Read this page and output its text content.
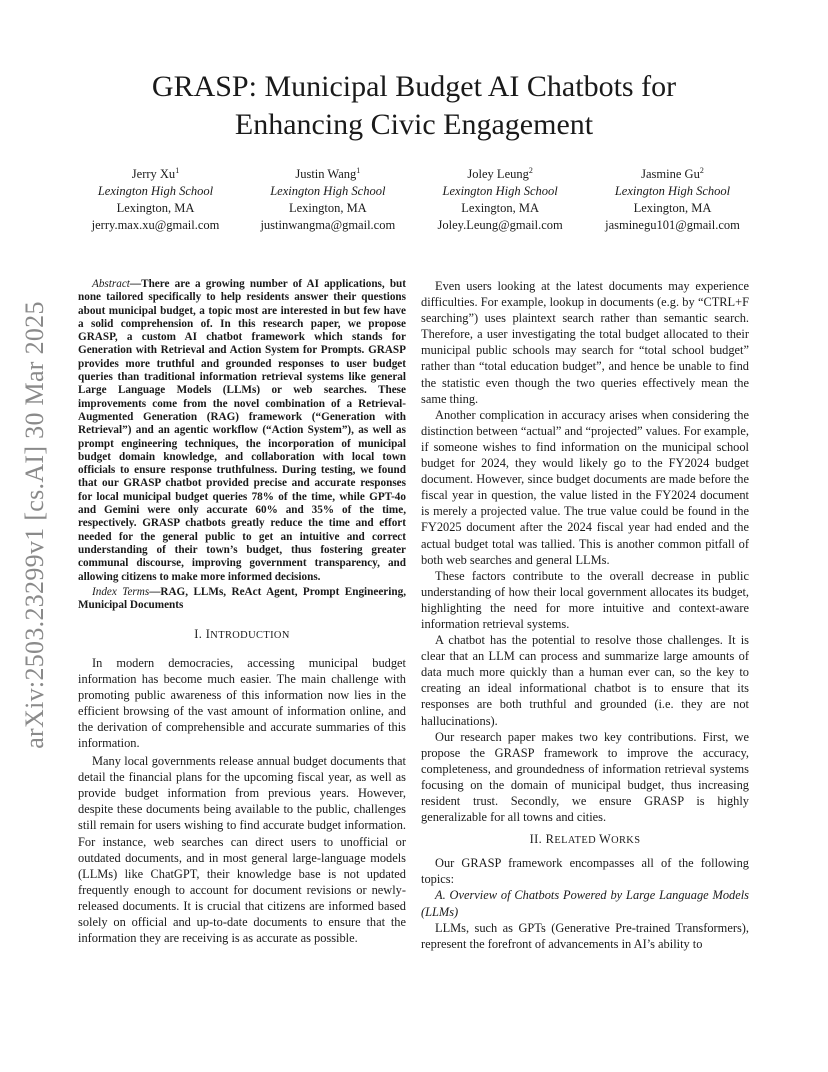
arXiv:2503.23299v1 [cs.AI] 30 Mar 2025
GRASP: Municipal Budget AI Chatbots for
Enhancing Civic Engagement
Jerry Xu$^1$
Lexington High School
Lexington, MA
jerry.max.xu@gmail.com
Justin Wang$^1$
Lexington High School
Lexington, MA
justinwangma@gmail.com
Joley Leung$^2$
Lexington High School
Lexington, MA
Joley.Leung@gmail.com
Jasmine Gu$^2$
Lexington High School
Lexington, MA
jasminegu101@gmail.com

Abstract—There are a growing number of AI applications, but none tailored specifically to help residents answer their questions about municipal budget, a topic most are interested in but few have a solid comprehension of. In this research paper, we propose GRASP, a custom AI chatbot framework which stands for Generation with Retrieval and Action System for Prompts. GRASP provides more truthful and grounded responses to user budget queries than traditional information retrieval systems like general Large Language Models (LLMs) or web searches. These improvements come from the novel combination of a Retrieval-Augmented Generation (RAG) framework (“Generation with Retrieval”) and an agentic workflow (“Action System”), as well as prompt engineering techniques, the incorporation of municipal budget domain knowledge, and collaboration with local town officials to ensure response truthfulness. During testing, we found that our GRASP chatbot provided precise and accurate responses for local municipal budget queries 78% of the time, while GPT-4o and Gemini were only accurate 60% and 35% of the time, respectively. GRASP chatbots greatly reduce the time and effort needed for the general public to get an intuitive and correct understanding of their town’s budget, thus fostering greater communal discourse, improving government transparency, and allowing citizens to make more informed decisions.

Index Terms—RAG, LLMs, ReAct Agent, Prompt Engineering, Municipal Documents

I. INTRODUCTION

In modern democracies, accessing municipal budget information has become much easier. The main challenge with promoting public awareness of this information now lies in the efficient browsing of the vast amount of information online, and the derivation of comprehensible and accurate summaries of this information.

Many local governments release annual budget documents that detail the financial plans for the upcoming fiscal year, as well as provide budget information from previous years. However, despite these documents being available to the public, challenges still remain for users wishing to find accurate budget information. For instance, web searches can direct users to unofficial or outdated documents, and in most general large-language models (LLMs) like ChatGPT, their knowledge base is not updated frequently enough to account for document revisions or newly-released documents. It is crucial that citizens are informed based solely on official and up-to-date documents to ensure that the information they are receiving is as accurate as possible.

Even users looking at the latest documents may experience difficulties. For example, lookup in documents (e.g. by “CTRL+F searching”) uses plaintext search rather than semantic search. Therefore, a user investigating the total budget allocated to their municipal public schools may search for “total school budget” rather than “total education budget”, and hence be unable to find the statistic even though the two queries effectively mean the same thing.

Another complication in accuracy arises when considering the distinction between “actual” and “projected” values. For example, if someone wishes to find information on the municipal school budget for 2024, they would likely go to the FY2024 budget document. However, since budget documents are made before the fiscal year in question, the value listed in the FY2024 document is merely a projected value. The true value could be found in the FY2025 document after the 2024 fiscal year had ended and the actual budget total was tallied. This is another common pitfall of both web searches and general LLMs.

These factors contribute to the overall decrease in public understanding of how their local government allocates its budget, highlighting the need for more intuitive and context-aware information retrieval systems.

A chatbot has the potential to resolve those challenges. It is clear that an LLM can process and summarize large amounts of data much more quickly than a human ever can, so the key to creating an ideal informational chatbot is to ensure that its responses are both truthful and grounded (i.e. they are not hallucinations).

Our research paper makes two key contributions. First, we propose the GRASP framework to improve the accuracy, completeness, and groundedness of information retrieval systems focusing on the domain of municipal budget, thus increasing resident trust. Secondly, we ensure GRASP is highly generalizable for all towns and cities.

II. RELATED WORKS

Our GRASP framework encompasses all of the following topics:

A. Overview of Chatbots Powered by Large Language Models (LLMs)

LLMs, such as GPTs (Generative Pre-trained Transformers), represent the forefront of advancements in AI’s ability to
